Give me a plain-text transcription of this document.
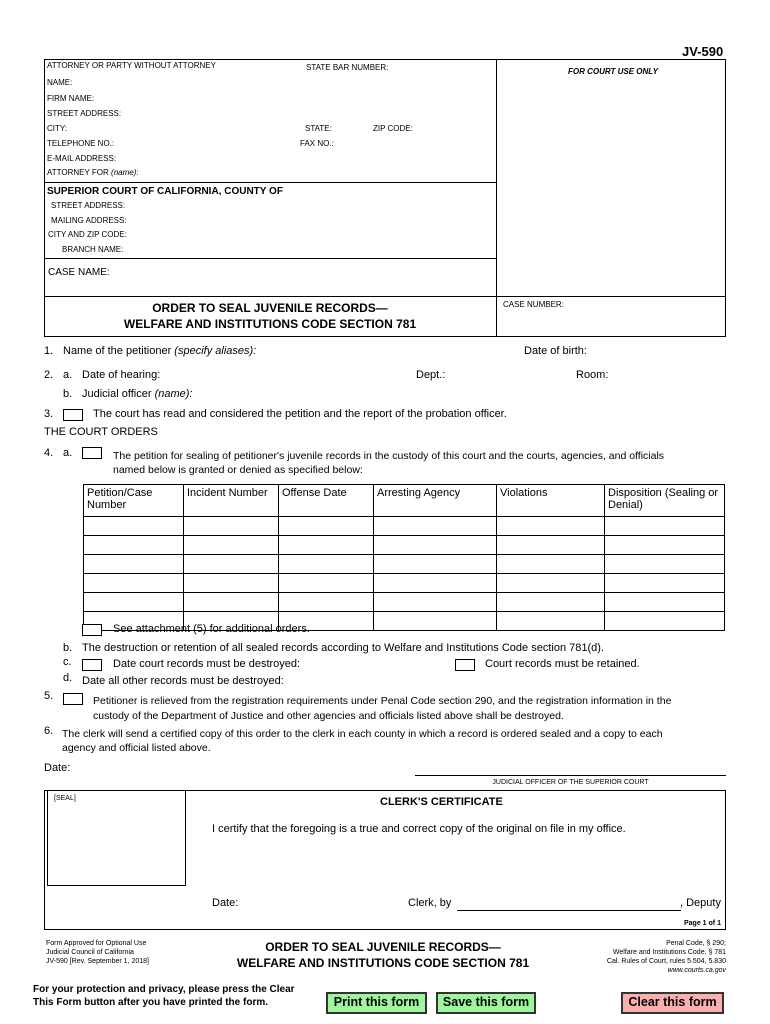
JV-590
ATTORNEY OR PARTY WITHOUT ATTORNEY	STATE BAR NUMBER:	FOR COURT USE ONLY
NAME:
FIRM NAME:
STREET ADDRESS:
CITY:	STATE:	ZIP CODE:
TELEPHONE NO.:	FAX NO.:
E-MAIL ADDRESS:
ATTORNEY FOR (name):
SUPERIOR COURT OF CALIFORNIA, COUNTY OF
STREET ADDRESS:
MAILING ADDRESS:
CITY AND ZIP CODE:
BRANCH NAME:
CASE NAME:
CASE NUMBER:
ORDER TO SEAL JUVENILE RECORDS—
WELFARE AND INSTITUTIONS CODE SECTION 781
1. Name of the petitioner (specify aliases):	Date of birth:
2. a. Date of hearing:	Dept.:	Room:
b. Judicial officer (name):
3.	The court has read and considered the petition and the report of the probation officer.
THE COURT ORDERS
4. a.	The petition for sealing of petitioner's juvenile records in the custody of this court and the courts, agencies, and officials
named below is granted or denied as specified below:
Petition/Case Number	Incident Number	Offense Date	Arresting Agency	Violations	Disposition (Sealing or Denial)

See attachment (5) for additional orders.
b. The destruction or retention of all sealed records according to Welfare and Institutions Code section 781(d).
c.	Date court records must be destroyed:	Court records must be retained.
d. Date all other records must be destroyed:
5.	Petitioner is relieved from the registration requirements under Penal Code section 290, and the registration information in the
custody of the Department of Justice and other agencies and officials listed above shall be destroyed.
6. The clerk will send a certified copy of this order to the clerk in each county in which a record is ordered sealed and a copy to each
agency and official listed above.
Date:
JUDICIAL OFFICER OF THE SUPERIOR COURT
[SEAL]	CLERK'S CERTIFICATE
I certify that the foregoing is a true and correct copy of the original on file in my office.
Date:	Clerk, by	, Deputy
Page 1 of 1
Form Approved for Optional Use
Judicial Council of California
JV-590 [Rev. September 1, 2018]
ORDER TO SEAL JUVENILE RECORDS—
WELFARE AND INSTITUTIONS CODE SECTION 781
Penal Code, § 290;
Welfare and Institutions Code, § 781
Cal. Rules of Court, rules 5.504, 5.830
www.courts.ca.gov
For your protection and privacy, please press the Clear
This Form button after you have printed the form.	Print this form	Save this form	Clear this form
